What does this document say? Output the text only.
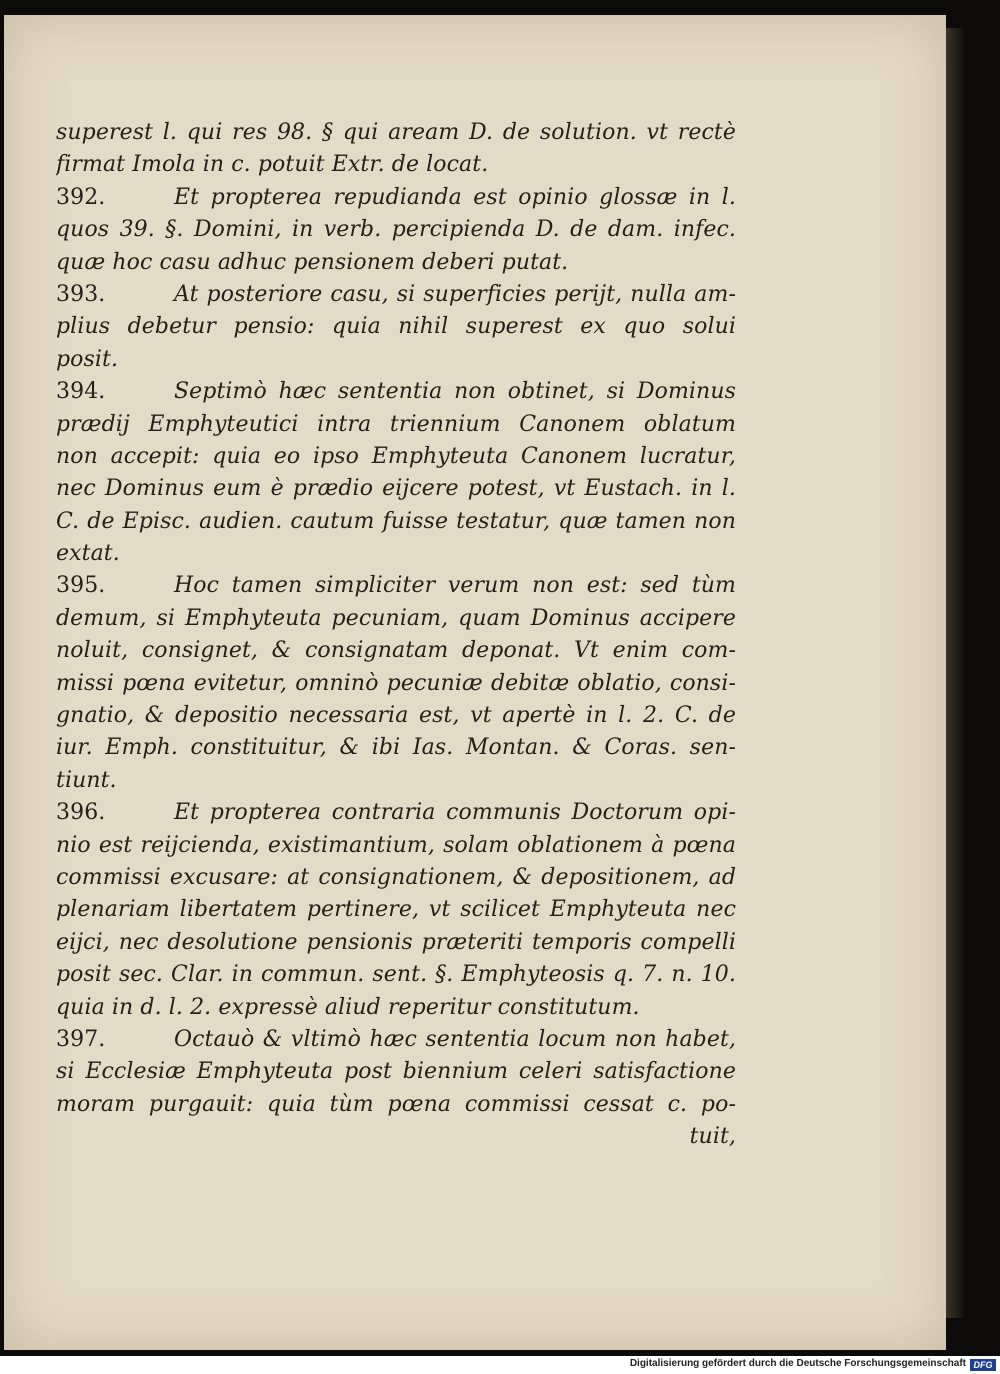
superest l. qui res 98. § qui aream D. de solution. vt rectè
firmat Imola in c. potuit Extr. de locat.
392.	Et propterea repudianda est opinio glossæ in l.
quos 39. §. Domini, in verb. percipienda D. de dam. infec.
quæ hoc casu adhuc pensionem deberi putat.
393.	At posteriore casu, si superficies perijt, nulla am-
plius debetur pensio: quia nihil superest ex quo solui
posit.
394.	Septimò hæc sententia non obtinet, si Dominus
prædij Emphyteutici intra triennium Canonem oblatum
non accepit: quia eo ipso Emphyteuta Canonem lucratur,
nec Dominus eum è prædio eijcere potest, vt Eustach. in l.
C. de Episc. audien. cautum fuisse testatur, quæ tamen non
extat.
395.	Hoc tamen simpliciter verum non est: sed tùm
demum, si Emphyteuta pecuniam, quam Dominus accipere
noluit, consignet, & consignatam deponat. Vt enim com-
missi pœna evitetur, omninò pecuniæ debitæ oblatio, consi-
gnatio, & depositio necessaria est, vt apertè in l. 2. C. de
iur. Emph. constituitur, & ibi Ias. Montan. & Coras. sen-
tiunt.
396.	Et propterea contraria communis Doctorum opi-
nio est reijcienda, existimantium, solam oblationem à pœna
commissi excusare: at consignationem, & depositionem, ad
plenariam libertatem pertinere, vt scilicet Emphyteuta nec
eijci, nec desolutione pensionis præteriti temporis compelli
posit sec. Clar. in commun. sent. §. Emphyteosis q. 7. n. 10.
quia in d. l. 2. expressè aliud reperitur constitutum.
397.	Octauò & vltimò hæc sententia locum non habet,
si Ecclesiæ Emphyteuta post biennium celeri satisfactione
moram purgauit: quia tùm pœna commissi cessat c. po-
tuit,
Digitalisierung gefördert durch die Deutsche Forschungsgemeinschaft DFG
